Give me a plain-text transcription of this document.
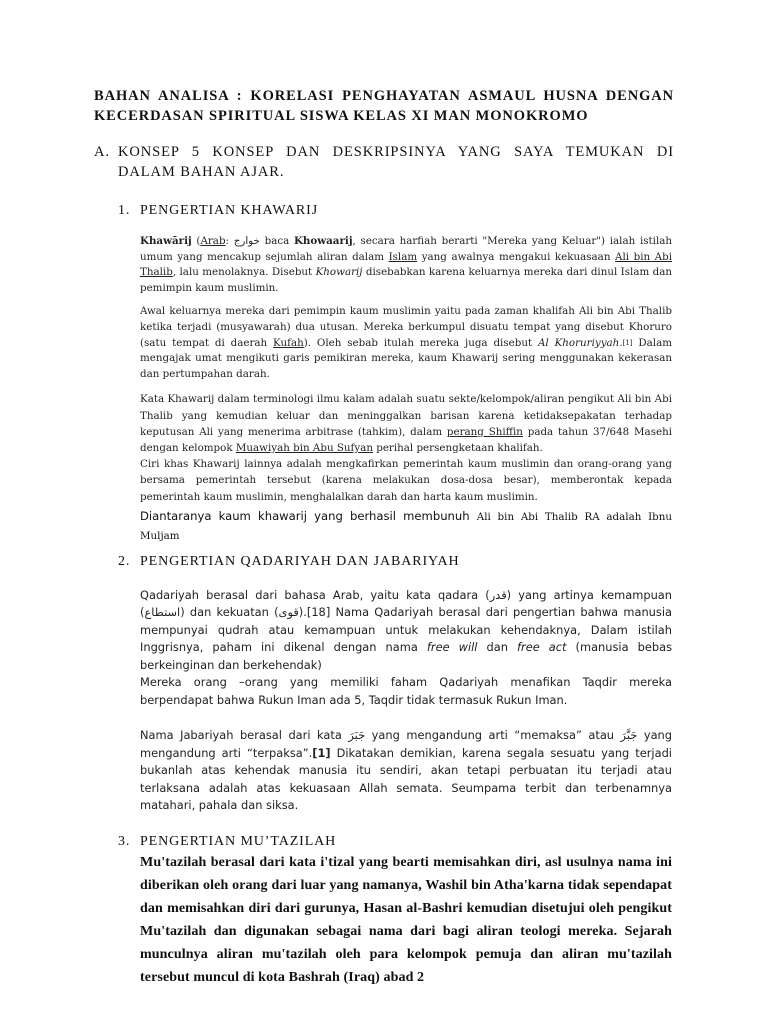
BAHAN ANALISA : KORELASI PENGHAYATAN ASMAUL HUSNA DENGAN
KECERDASAN SPIRITUAL SISWA KELAS XI MAN MONOKROMO
A. KONSEP 5 KONSEP DAN DESKRIPSINYA YANG SAYA TEMUKAN DI
DALAM BAHAN AJAR.
1. PENGERTIAN KHAWARIJ

Khawārij (Arab: خوارج baca Khowaarij, secara harfiah berarti "Mereka yang Keluar") ialah istilah umum yang mencakup sejumlah aliran dalam Islam yang awalnya mengakui kekuasaan Ali bin Abi Thalib, lalu menolaknya. Disebut Khowarij disebabkan karena keluarnya mereka dari dinul Islam dan pemimpin kaum muslimin.

Awal keluarnya mereka dari pemimpin kaum muslimin yaitu pada zaman khalifah Ali bin Abi Thalib ketika terjadi (musyawarah) dua utusan. Mereka berkumpul disuatu tempat yang disebut Khoruro (satu tempat di daerah Kufah). Oleh sebab itulah mereka juga disebut Al Khoruriyyah.[1] Dalam mengajak umat mengikuti garis pemikiran mereka, kaum Khawarij sering menggunakan kekerasan dan pertumpahan darah.

Kata Khawarij dalam terminologi ilmu kalam adalah suatu sekte/kelompok/aliran pengikut Ali bin Abi Thalib yang kemudian keluar dan meninggalkan barisan karena ketidaksepakatan terhadap keputusan Ali yang menerima arbitrase (tahkim), dalam perang Shiffin pada tahun 37/648 Masehi dengan kelompok Muawiyah bin Abu Sufyan perihal persengketaan khalifah.

Ciri khas Khawarij lainnya adalah mengkafirkan pemerintah kaum muslimin dan orang-orang yang bersama pemerintah tersebut (karena melakukan dosa-dosa besar), memberontak kepada pemerintah kaum muslimin, menghalalkan darah dan harta kaum muslimin.

Diantaranya kaum khawarij yang berhasil membunuh Ali bin Abi Thalib RA adalah Ibnu Muljam

2. PENGERTIAN QADARIYAH DAN JABARIYAH

Qadariyah berasal dari bahasa Arab, yaitu kata qadara (قدر) yang artinya kemampuan (استطاع) dan kekuatan (قوى).[18] Nama Qadariyah berasal dari pengertian bahwa manusia mempunyai qudrah atau kemampuan untuk melakukan kehendaknya, Dalam istilah Inggrisnya, paham ini dikenal dengan nama free will dan free act (manusia bebas berkeinginan dan berkehendak)

Mereka orang –orang yang memiliki faham Qadariyah menafikan Taqdir mereka berpendapat bahwa Rukun Iman ada 5, Taqdir tidak termasuk Rukun Iman.

Nama Jabariyah berasal dari kata جَبَرَ yang mengandung arti “memaksa” atau جَبَّرَ yang mengandung arti “terpaksa”.[1] Dikatakan demikian, karena segala sesuatu yang terjadi bukanlah atas kehendak manusia itu sendiri, akan tetapi perbuatan itu terjadi atau terlaksana adalah atas kekuasaan Allah semata. Seumpama terbit dan terbenamnya matahari, pahala dan siksa.

3. PENGERTIAN MU’TAZILAH

Mu'tazilah berasal dari kata i'tizal yang bearti memisahkan diri, asl usulnya nama ini diberikan oleh orang dari luar yang namanya, Washil bin Atha'karna tidak sependapat dan memisahkan diri dari gurunya, Hasan al-Bashri kemudian disetujui oleh pengikut Mu'tazilah dan digunakan sebagai nama dari bagi aliran teologi mereka. Sejarah munculnya aliran mu'tazilah oleh para kelompok pemuja dan aliran mu'tazilah tersebut muncul di kota Bashrah (Iraq) abad 2
